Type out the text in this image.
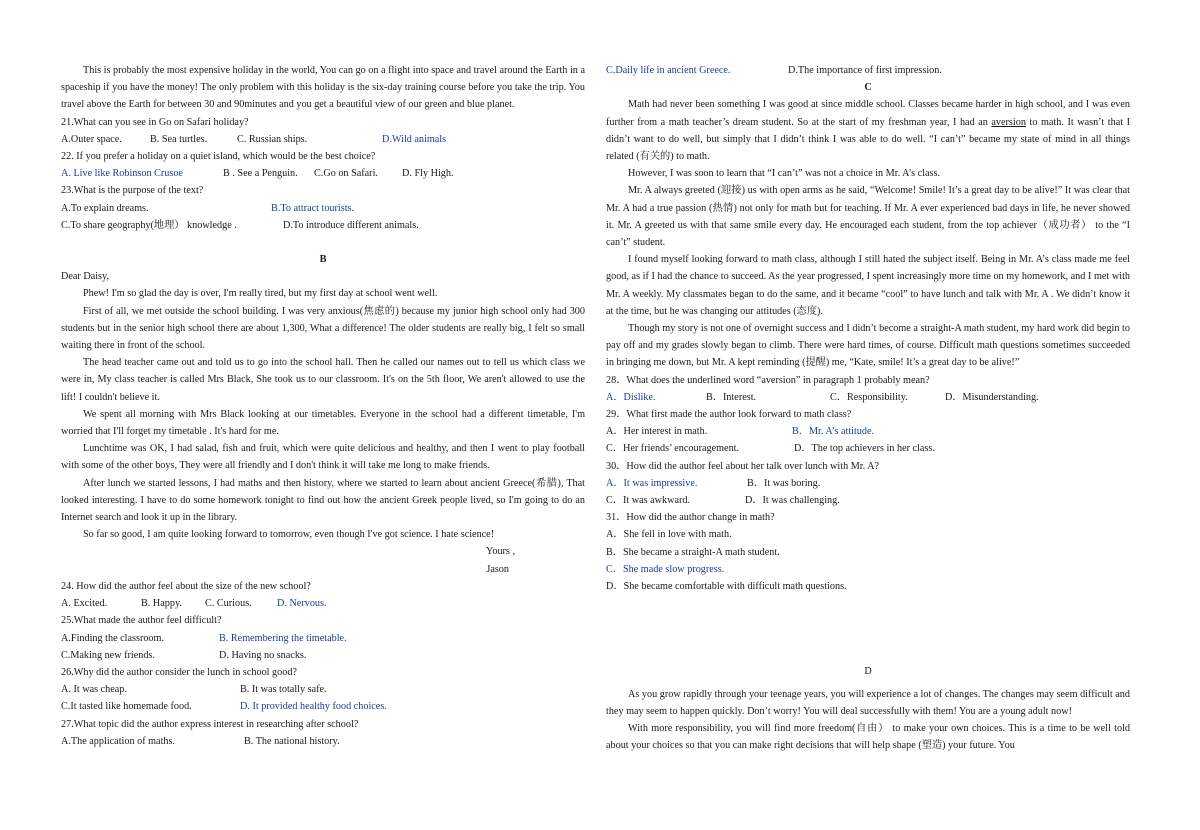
This is probably the most expensive holiday in the world, You can go on a flight into space and travel around the Earth in a spaceship if you have the money! The only problem with this holiday is the six-day training course before you take the trip. You travel above the Earth for between 30 and 90minutes and you get a beautiful view of our green and blue planet.

21.What can you see in Go on Safari holiday?

A.Outer space.	B. Sea turtles.	C. Russian ships.	D.Wild animals

22. If you prefer a holiday on a quiet island, which would be the best choice?

A. Live like Robinson Crusoe	B . See a Penguin.	C.Go on Safari.	D. Fly High.

23.What is the purpose of the text?

A.To explain dreams.	B.To attract tourists.
C.To share geography(地理） knowledge .	D.To introduce different animals.

B

Dear Daisy,

Phew! I'm so glad the day is over, I'm really tired, but my first day at school went well.

First of all, we met outside the school building. I was very anxious(焦虑的) because my junior high school only had 300 students but in the senior high school there are about 1,300, What a difference! The older students are really big, I felt so small waiting there in front of the school.

The head teacher came out and told us to go into the school hall. Then he called our names out to tell us which class we were in, My class teacher is called Mrs Black, She took us to our classroom. It's on the 5th floor, We aren't allowed to use the lift! I couldn't believe it.

We spent all morning with Mrs Black looking at our timetables. Everyone in the school had a different timetable, I'm worried that I'll forget my timetable . It's hard for me.

Lunchtime was OK, I had salad, fish and fruit, which were quite delicious and healthy, and then I went to play football with some of the other boys, They were all friendly and I don't think it will take me long to make friends.

After lunch we started lessons, I had maths and then history, where we started to learn about ancient Greece(希腊), That looked interesting. I have to do some homework tonight to find out how the ancient Greek people lived, so I'm going to do an Internet search and look it up in the library.

So far so good, I am quite looking forward to tomorrow, even though I've got science. I hate science!

Yours ,

Jason

24. How did the author feel about the size of the new school?

A. Excited.	B. Happy.	C. Curious.	D. Nervous.

25.What made the author feel difficult?

A.Finding the classroom.	B. Remembering the timetable.
C.Making new friends.	D. Having no snacks.

26.Why did the author consider the lunch in school good?

A. It was cheap.	B. It was totally safe.
C.It tasted like homemade food.	D. It provided healthy food choices.

27.What topic did the author express interest in researching after school?

A.The application of maths.	B. The national history.
C.Daily life in ancient Greece.	D.The importance of first impression.

C

Math had never been something I was good at since middle school. Classes became harder in high school, and I was even further from a math teacher’s dream student. So at the start of my freshman year, I had an aversion to math. It wasn’t that I didn’t want to do well, but simply that I didn’t think I was able to do well. “I can’t” became my state of mind in all things related (有关的) to math.

However, I was soon to learn that “I can’t” was not a choice in Mr. A’s class.

Mr. A always greeted (迎接) us with open arms as he said, “Welcome! Smile! It’s a great day to be alive!” It was clear that Mr. A had a true passion (热情) not only for math but for teaching. If Mr. A ever experienced bad days in life, he never showed it. Mr. A greeted us with that same smile every day. He encouraged each student, from the top achiever（成功者） to the “I can’t” student.

I found myself looking forward to math class, although I still hated the subject itself. Being in Mr. A’s class made me feel good, as if I had the chance to succeed. As the year progressed, I spent increasingly more time on my homework, and I met with Mr. A weekly. My classmates began to do the same, and it became “cool” to have lunch and talk with Mr. A . We didn’t know it at the time, but he was changing our attitudes (态度).

Though my story is not one of overnight success and I didn’t become a straight-A math student, my hard work did begin to pay off and my grades slowly began to climb. There were hard times, of course. Difficult math questions sometimes succeeded in bringing me down, but Mr. A kept reminding (提醒) me, “Kate, smile! It’s a great day to be alive!”

28．What does the underlined word “aversion” in paragraph 1 probably mean?

A．Dislike.	B．Interest.	C．Responsibility.	D．Misunderstanding.

29．What first made the author look forward to math class?

A．Her interest in math.	B．Mr. A’s attitude.
C．Her friends’ encouragement.	D．The top achievers in her class.

30．How did the author feel about her talk over lunch with Mr. A?

A．It was impressive.	B．It was boring.
C．It was awkward.	D．It was challenging.

31．How did the author change in math?

A．She fell in love with math.

B．She became a straight-A math student.

C．She made slow progress.

D．She became comfortable with difficult math questions.

D

As you grow rapidly through your teenage years, you will experience a lot of changes. The changes may seem difficult and they may seem to happen quickly. Don’t worry! You will deal successfully with them! You are a young adult now!

With more responsibility, you will find more freedom(自由） to make your own choices. This is a time to be well told about your choices so that you can make right decisions that will help shape (塑造) your future. You
